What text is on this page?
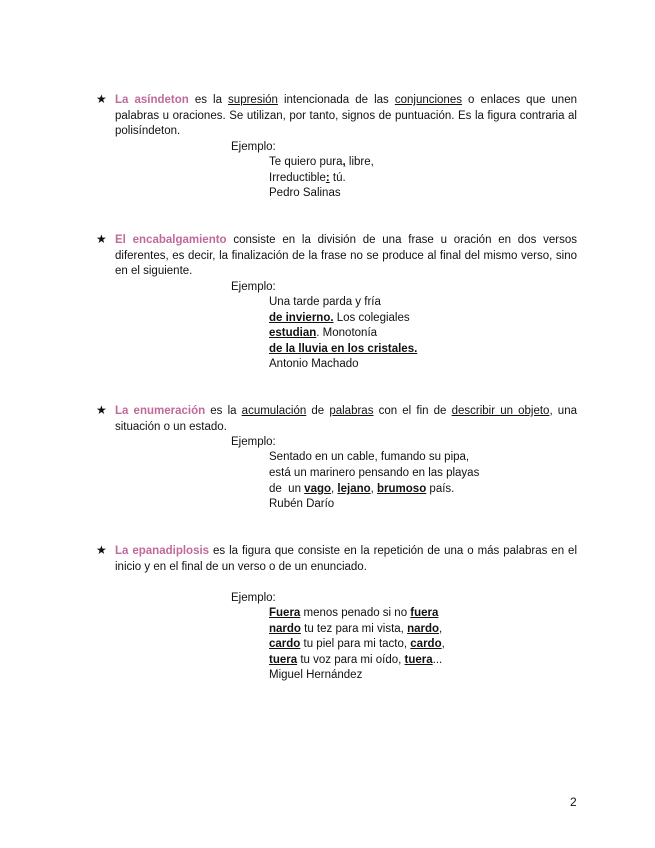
★ La asíndeton es la supresión intencionada de las conjunciones o enlaces que unen palabras u oraciones. Se utilizan, por tanto, signos de puntuación. Es la figura contraria al polisíndeton.
Ejemplo:
Te quiero pura, libre,
Irreductible: tú.
Pedro Salinas
★ El encabalgamiento consiste en la división de una frase u oración en dos versos diferentes, es decir, la finalización de la frase no se produce al final del mismo verso, sino en el siguiente.
Ejemplo:
Una tarde parda y fría
de invierno. Los colegiales
estudian. Monotonía
de la lluvia en los cristales.
Antonio Machado
★ La enumeración es la acumulación de palabras con el fin de describir un objeto, una situación o un estado.
Ejemplo:
Sentado en un cable, fumando su pipa,
está un marinero pensando en las playas
de  un vago, lejano, brumoso país.
Rubén Darío
★ La epanadiplosis es la figura que consiste en la repetición de una o más palabras en el inicio y en el final de un verso o de un enunciado.
Ejemplo:
Fuera menos penado si no fuera
nardo tu tez para mi vista, nardo,
cardo tu piel para mi tacto, cardo,
tuera tu voz para mi oído, tuera...
Miguel Hernández
2
